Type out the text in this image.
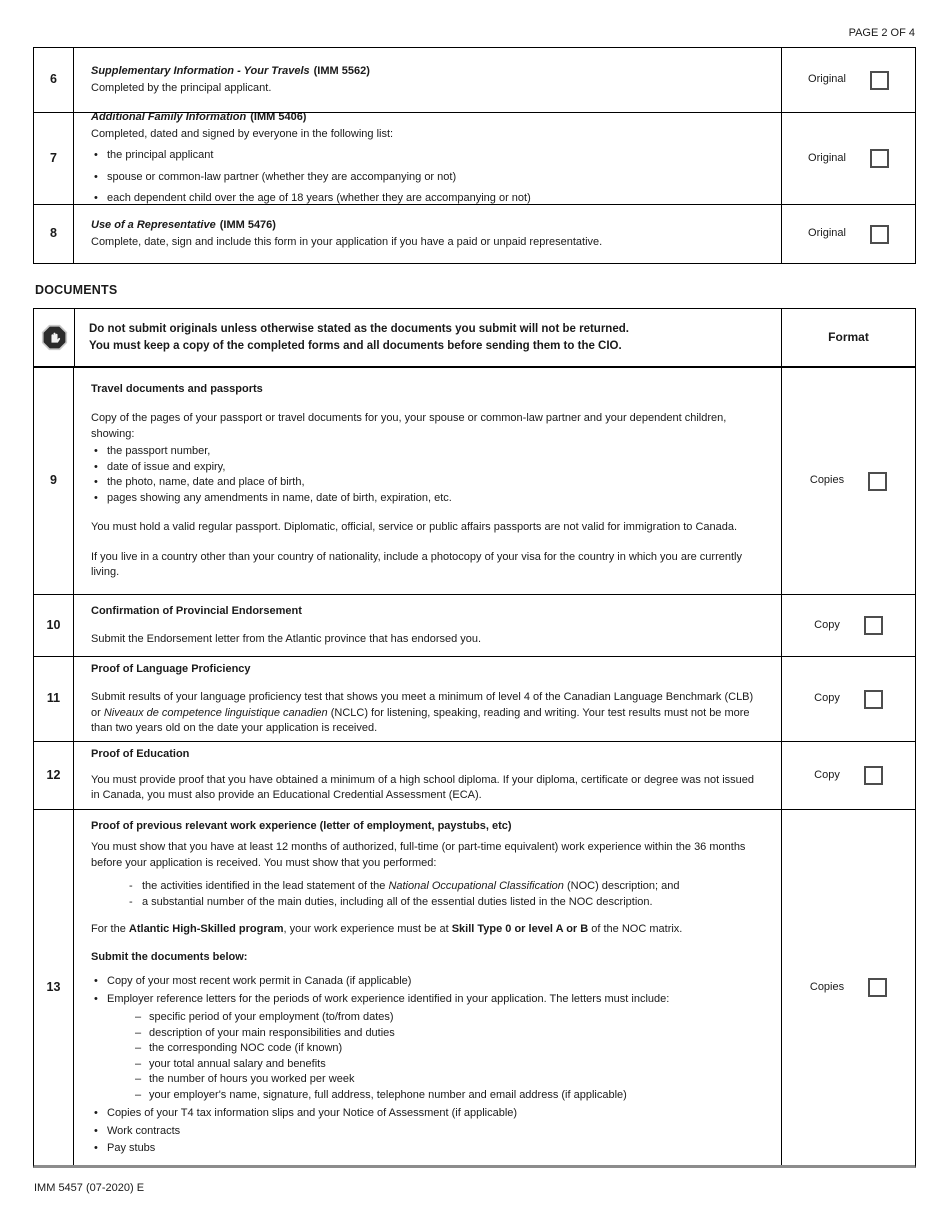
PAGE 2 OF 4
6
Supplementary Information - Your Travels (IMM 5562)
Completed by the principal applicant.
Original
7
Additional Family Information (IMM 5406)
Completed, dated and signed by everyone in the following list:
• the principal applicant
• spouse or common-law partner (whether they are accompanying or not)
• each dependent child over the age of 18 years (whether they are accompanying or not)
Original
8
Use of a Representative (IMM 5476)
Complete, date, sign and include this form in your application if you have a paid or unpaid representative.
Original
DOCUMENTS
Do not submit originals unless otherwise stated as the documents you submit will not be returned.
You must keep a copy of the completed forms and all documents before sending them to the CIO.
Format
9
Travel documents and passports
Copy of the pages of your passport or travel documents for you, your spouse or common-law partner and your dependent children, showing:
• the passport number,
• date of issue and expiry,
• the photo, name, date and place of birth,
• pages showing any amendments in name, date of birth, expiration, etc.
You must hold a valid regular passport. Diplomatic, official, service or public affairs passports are not valid for immigration to Canada.
If you live in a country other than your country of nationality, include a photocopy of your visa for the country in which you are currently living.
Copies
10
Confirmation of Provincial Endorsement
Submit the Endorsement letter from the Atlantic province that has endorsed you.
Copy
11
Proof of Language Proficiency
Submit results of your language proficiency test that shows you meet a minimum of level 4 of the Canadian Language Benchmark (CLB) or Niveaux de competence linguistique canadien (NCLC) for listening, speaking, reading and writing. Your test results must not be more than two years old on the date your application is received.
Copy
12
Proof of Education
You must provide proof that you have obtained a minimum of a high school diploma. If your diploma, certificate or degree was not issued in Canada, you must also provide an Educational Credential Assessment (ECA).
Copy
13
Proof of previous relevant work experience (letter of employment, paystubs, etc)
You must show that you have at least 12 months of authorized, full-time (or part-time equivalent) work experience within the 36 months before your application is received. You must show that you performed:
- the activities identified in the lead statement of the National Occupational Classification (NOC) description; and
- a substantial number of the main duties, including all of the essential duties listed in the NOC description.
For the Atlantic High-Skilled program, your work experience must be at Skill Type 0 or level A or B of the NOC matrix.
Submit the documents below:
• Copy of your most recent work permit in Canada (if applicable)
• Employer reference letters for the periods of work experience identified in your application. The letters must include:
– specific period of your employment (to/from dates)
– description of your main responsibilities and duties
– the corresponding NOC code (if known)
– your total annual salary and benefits
– the number of hours you worked per week
– your employer's name, signature, full address, telephone number and email address (if applicable)
• Copies of your T4 tax information slips and your Notice of Assessment (if applicable)
• Work contracts
• Pay stubs
Copies
IMM 5457 (07-2020) E
